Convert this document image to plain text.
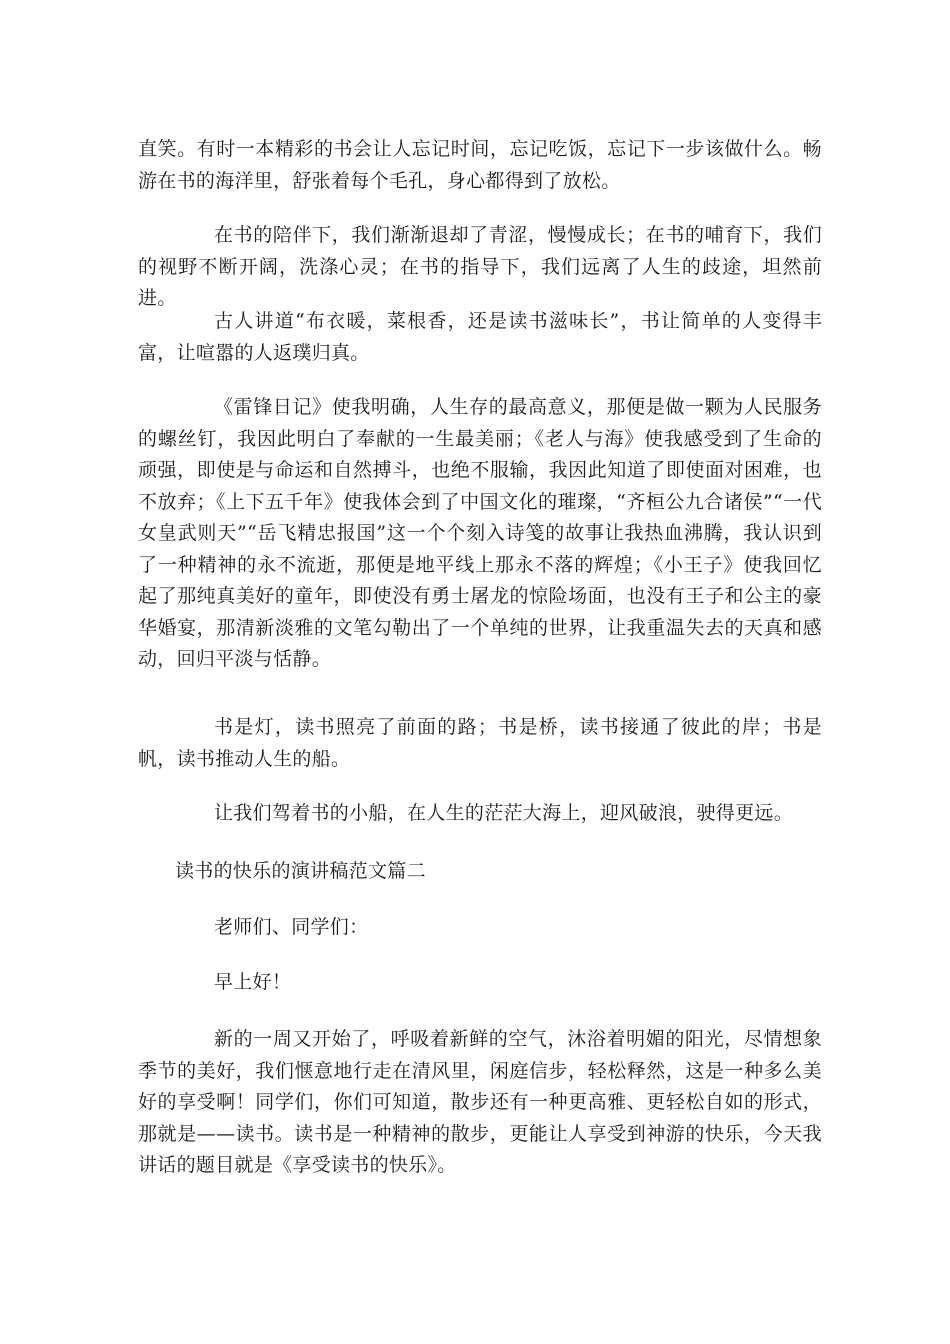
直笑。有时一本精彩的书会让人忘记时间，忘记吃饭，忘记下一步该做什么。畅游在书的海洋里，舒张着每个毛孔，身心都得到了放松。

在书的陪伴下，我们渐渐退却了青涩，慢慢成长；在书的哺育下，我们的视野不断开阔，洗涤心灵；在书的指导下，我们远离了人生的歧途，坦然前进。

古人讲道“布衣暖，菜根香，还是读书滋味长”，书让简单的人变得丰富，让喧嚣的人返璞归真。

《雷锋日记》使我明确，人生存的最高意义，那便是做一颗为人民服务的螺丝钉，我因此明白了奉献的一生最美丽；《老人与海》使我感受到了生命的顽强，即使是与命运和自然搏斗，也绝不服输，我因此知道了即使面对困难，也不放弃；《上下五千年》使我体会到了中国文化的璀璨，“齐桓公九合诸侯”“一代女皇武则天”“岳飞精忠报国”这一个个刻入诗笺的故事让我热血沸腾，我认识到了一种精神的永不流逝，那便是地平线上那永不落的辉煌；《小王子》使我回忆起了那纯真美好的童年，即使没有勇士屠龙的惊险场面，也没有王子和公主的豪华婚宴，那清新淡雅的文笔勾勒出了一个单纯的世界，让我重温失去的天真和感动，回归平淡与恬静。

书是灯，读书照亮了前面的路；书是桥，读书接通了彼此的岸；书是帆，读书推动人生的船。

让我们驾着书的小船，在人生的茫茫大海上，迎风破浪，驶得更远。

读书的快乐的演讲稿范文篇二

老师们、同学们：

早上好！

新的一周又开始了，呼吸着新鲜的空气，沐浴着明媚的阳光，尽情想象季节的美好，我们惬意地行走在清风里，闲庭信步，轻松释然，这是一种多么美好的享受啊！同学们，你们可知道，散步还有一种更高雅、更轻松自如的形式，那就是——读书。读书是一种精神的散步，更能让人享受到神游的快乐，今天我讲话的题目就是《享受读书的快乐》。
